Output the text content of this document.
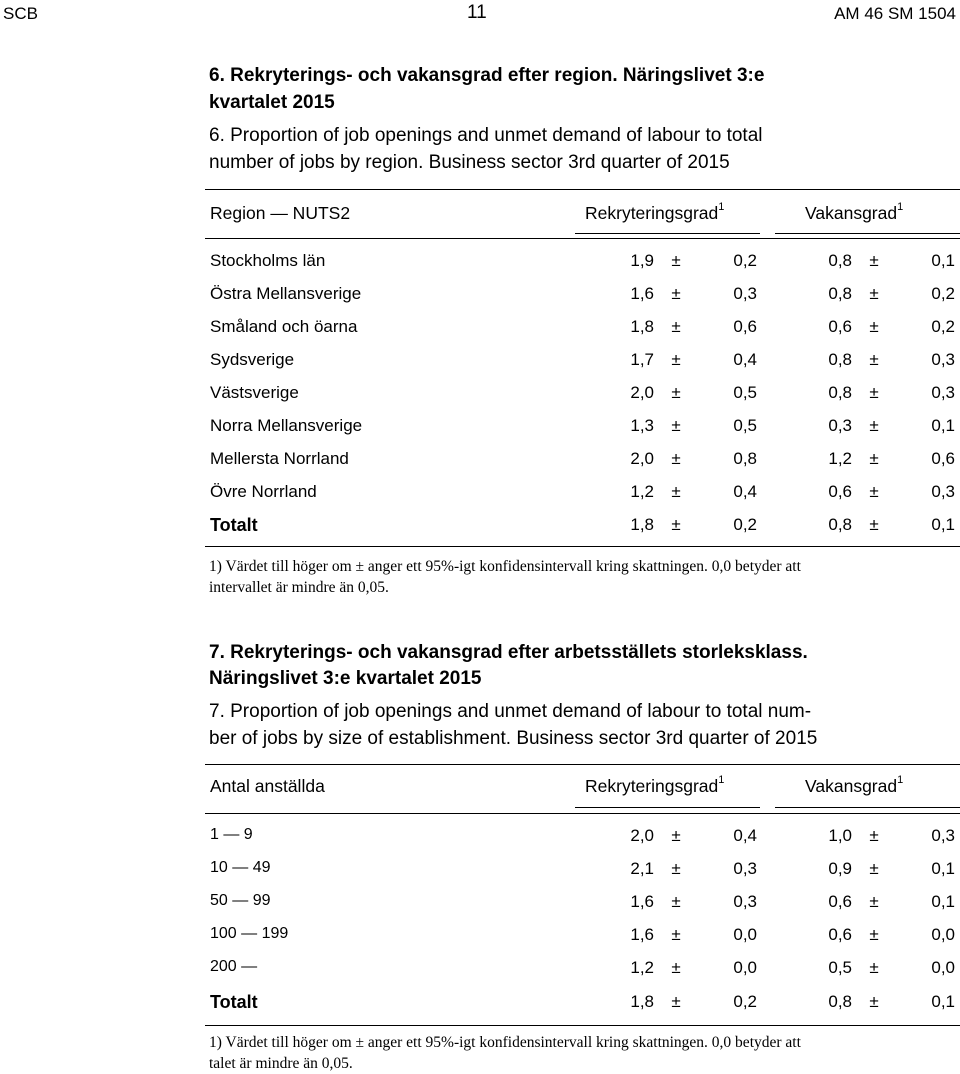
SCB	11	AM 46 SM 1504
6. Rekryterings- och vakansgrad efter region. Näringslivet 3:e
kvartalet 2015
6. Proportion of job openings and unmet demand of labour to total
number of jobs by region. Business sector 3rd quarter of 2015
Region — NUTS2	Rekryteringsgrad$^1$	Vakansgrad$^1$
Stockholms län	1,9	±	0,2	0,8	±	0,1
Östra Mellansverige	1,6	±	0,3	0,8	±	0,2
Småland och öarna	1,8	±	0,6	0,6	±	0,2
Sydsverige	1,7	±	0,4	0,8	±	0,3
Västsverige	2,0	±	0,5	0,8	±	0,3
Norra Mellansverige	1,3	±	0,5	0,3	±	0,1
Mellersta Norrland	2,0	±	0,8	1,2	±	0,6
Övre Norrland	1,2	±	0,4	0,6	±	0,3
Totalt	1,8	±	0,2	0,8	±	0,1
1) Värdet till höger om ± anger ett 95%-igt konfidensintervall kring skattningen. 0,0 betyder att
intervallet är mindre än 0,05.
7. Rekryterings- och vakansgrad efter arbetsställets storleksklass.
Näringslivet 3:e kvartalet 2015
7. Proportion of job openings and unmet demand of labour to total num-
ber of jobs by size of establishment. Business sector 3rd quarter of 2015
Antal anställda	Rekryteringsgrad$^1$	Vakansgrad$^1$
1 — 9	2,0	±	0,4	1,0	±	0,3
10 — 49	2,1	±	0,3	0,9	±	0,1
50 — 99	1,6	±	0,3	0,6	±	0,1
100 — 199	1,6	±	0,0	0,6	±	0,0
200 —	1,2	±	0,0	0,5	±	0,0
Totalt	1,8	±	0,2	0,8	±	0,1
1) Värdet till höger om ± anger ett 95%-igt konfidensintervall kring skattningen. 0,0 betyder att
talet är mindre än 0,05.
